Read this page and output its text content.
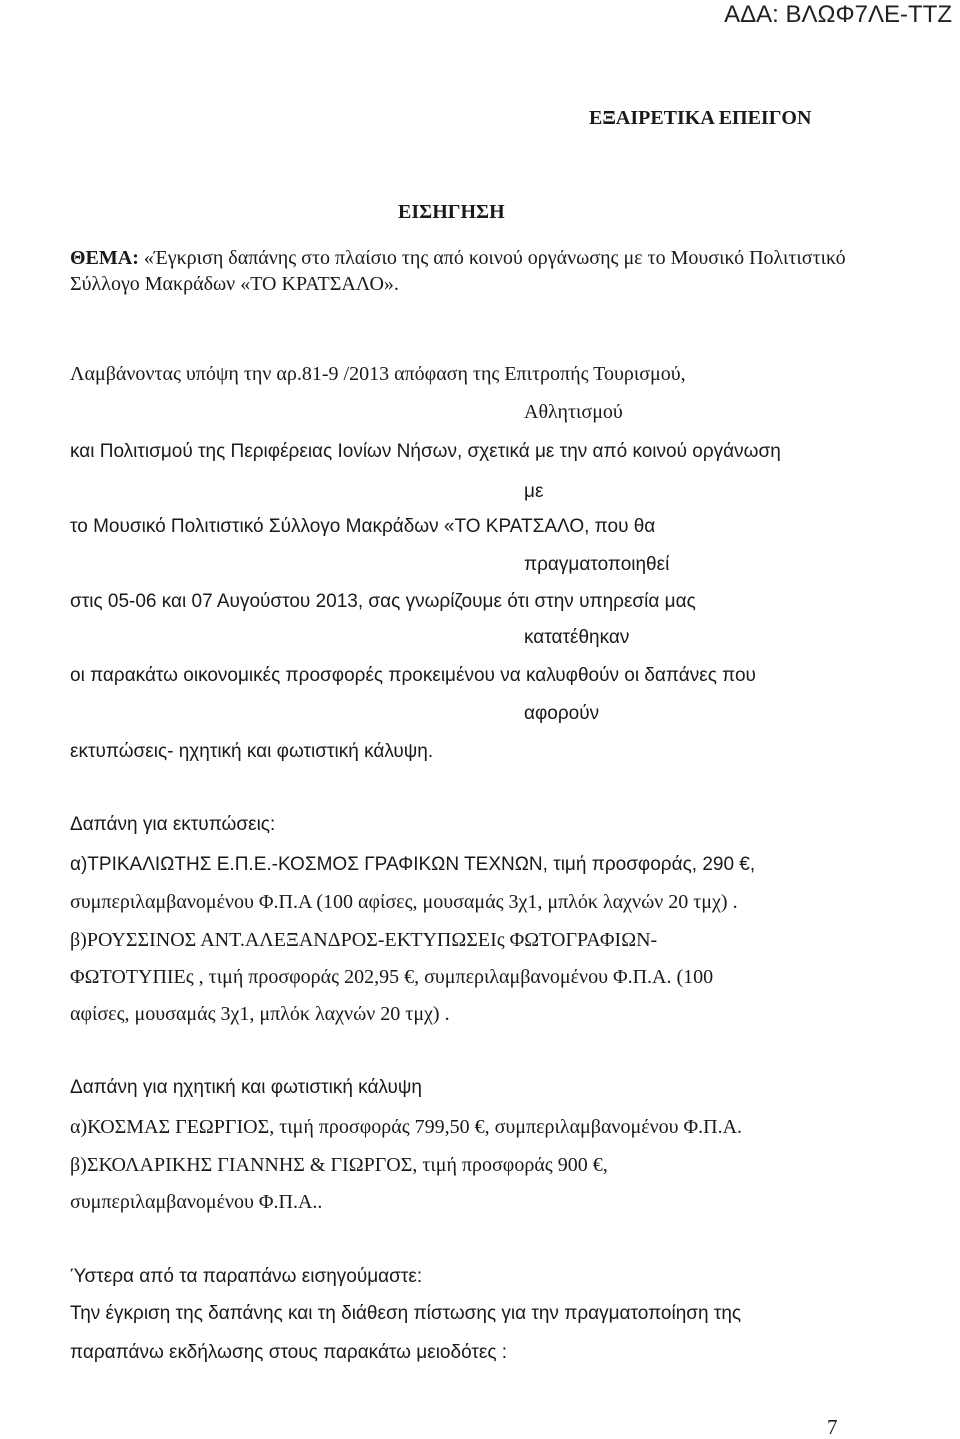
ΑΔΑ: ΒΛΩΦ7ΛΕ-ΤΤΖ
ΕΞΑΙΡΕΤΙΚΑ ΕΠΕΙΓΟΝ
ΕΙΣΗΓΗΣΗ
ΘΕΜΑ: «Έγκριση δαπάνης στο πλαίσιο της από κοινού οργάνωσης με το Μουσικό Πολιτιστικό
Σύλλογο Μακράδων «ΤΟ ΚΡΑΤΣΑΛΟ».
Λαμβάνοντας υπόψη την αρ.81-9 /2013 απόφαση της Επιτροπής Τουρισμού,
Αθλητισμού
και Πολιτισμού της Περιφέρειας Ιονίων Νήσων, σχετικά με την από κοινού οργάνωση
με
το Μουσικό Πολιτιστικό Σύλλογο Μακράδων «ΤΟ ΚΡΑΤΣΑΛΟ, που θα
πραγματοποιηθεί
στις 05-06 και 07 Αυγούστου 2013, σας γνωρίζουμε ότι στην υπηρεσία μας
κατατέθηκαν
οι παρακάτω οικονομικές προσφορές προκειμένου να καλυφθούν οι δαπάνες που
αφορούν
εκτυπώσεις- ηχητική και φωτιστική κάλυψη.
Δαπάνη για εκτυπώσεις:
α)ΤΡΙΚΑΛΙΩΤΗΣ Ε.Π.Ε.-ΚΟΣΜΟΣ ΓΡΑΦΙΚΩΝ ΤΕΧΝΩΝ, τιμή προσφοράς, 290 €,
συμπεριλαμβανομένου Φ.Π.Α (100 αφίσες, μουσαμάς 3χ1, μπλόκ λαχνών 20 τμχ) .
β)ΡΟΥΣΣΙΝΟΣ ΑΝΤ.ΑΛΕΞΑΝΔΡΟΣ-ΕΚΤΥΠΩΣΕΙς ΦΩΤΟΓΡΑΦΙΩΝ-
ΦΩΤΟΤΥΠΙΕς , τιμή προσφοράς 202,95 €, συμπεριλαμβανομένου Φ.Π.Α. (100
αφίσες, μουσαμάς 3χ1, μπλόκ λαχνών 20 τμχ) .
Δαπάνη για ηχητική και φωτιστική κάλυψη
α)ΚΟΣΜΑΣ ΓΕΩΡΓΙΟΣ, τιμή προσφοράς 799,50 €, συμπεριλαμβανομένου Φ.Π.Α.
β)ΣΚΟΛΑΡΙΚΗΣ ΓΙΑΝΝΗΣ & ΓΙΩΡΓΟΣ, τιμή προσφοράς 900 €,
συμπεριλαμβανομένου Φ.Π.Α..
Ύστερα από τα παραπάνω εισηγούμαστε:
Την έγκριση της δαπάνης και τη διάθεση πίστωσης για την πραγματοποίηση της
παραπάνω εκδήλωσης στους παρακάτω μειοδότες :
7
